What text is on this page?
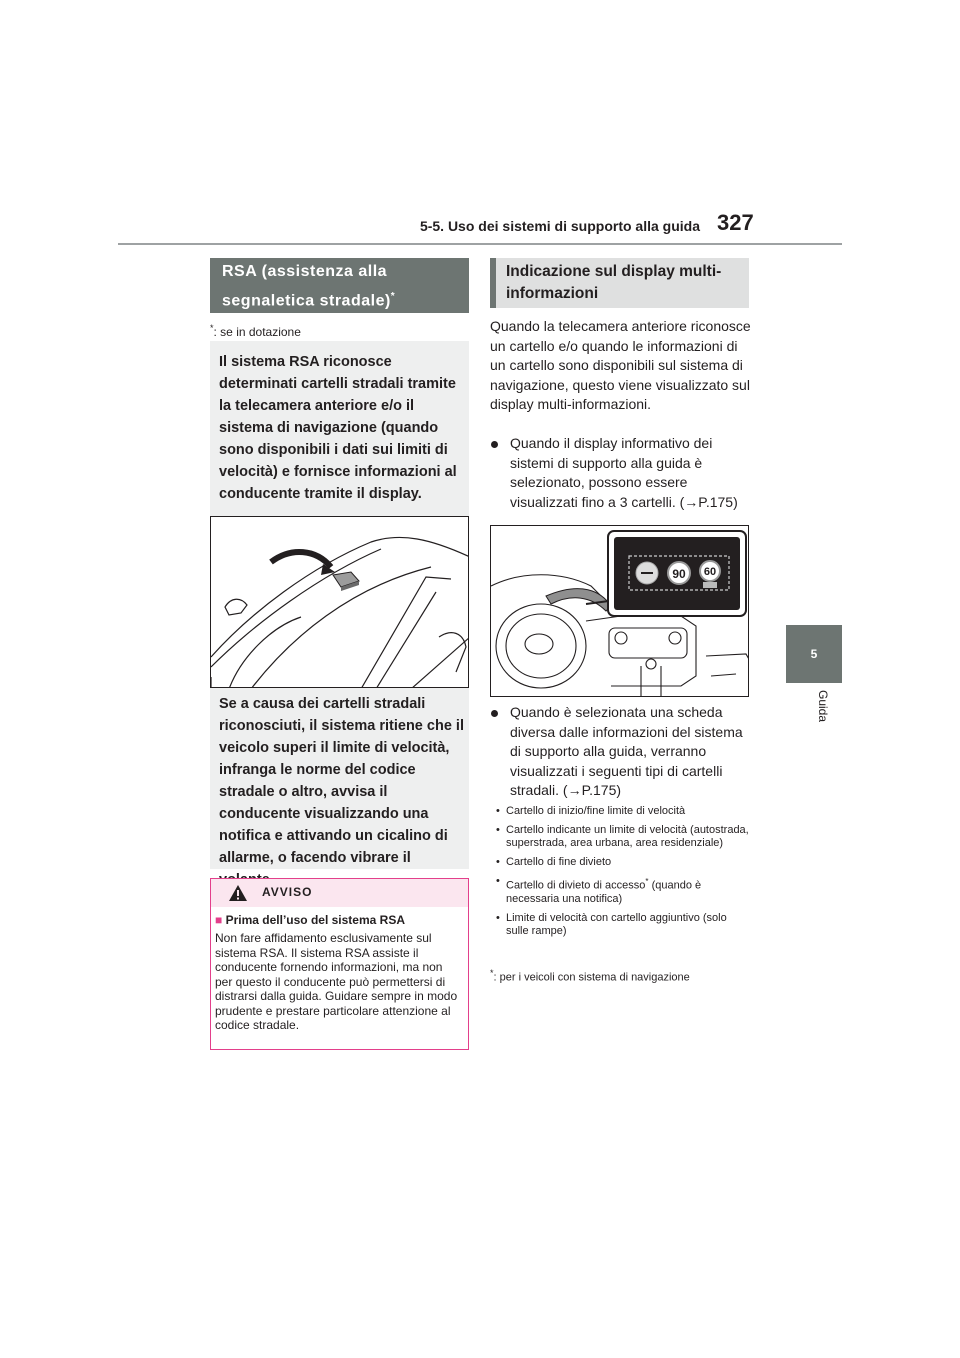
5-5. Uso dei sistemi di supporto alla guida 327
5
Guida
RSA (assistenza alla
segnaletica stradale)*
*: se in dotazione
Il sistema RSA riconosce determinati cartelli stradali tramite la telecamera anteriore e/o il sistema di navigazione (quando sono disponibili i dati sui limiti di velocità) e fornisce informazioni al conducente tramite il display.
Se a causa dei cartelli stradali riconosciuti, il sistema ritiene che il veicolo superi il limite di velocità, infranga le norme del codice stradale o altro, avvisa il conducente visualizzando una notifica e attivando un cicalino di allarme, o facendo vibrare il
AVVISO
■ Prima dell’uso del sistema RSA
Non fare affidamento esclusivamente sul sistema RSA. Il sistema RSA assiste il conducente fornendo informazioni, ma non per questo il conducente può permettersi di distrarsi dalla guida. Guidare sempre in modo prudente e prestare particolare attenzione al codice stradale.
Indicazione sul display multi-informazioni
Quando la telecamera anteriore riconosce un cartello e/o quando le informazioni di un cartello sono disponibili sul sistema di navigazione, questo viene visualizzato sul display multi-informazioni.
Quando il display informativo dei sistemi di supporto alla guida è selezionato, possono essere visualizzati fino a 3 cartelli. (→P.175)
90 60
Quando è selezionata una scheda diversa dalle informazioni del sistema di supporto alla guida, verranno visualizzati i seguenti tipi di cartelli stradali. (→P.175)
• Cartello di inizio/fine limite di velocità
• Cartello indicante un limite di velocità (autostrada, superstrada, area urbana, area residenziale)
• Cartello di fine divieto
• Cartello di divieto di accesso* (quando è necessaria una notifica)
• Limite di velocità con cartello aggiuntivo (solo sulle rampe)
*: per i veicoli con sistema di navigazione
